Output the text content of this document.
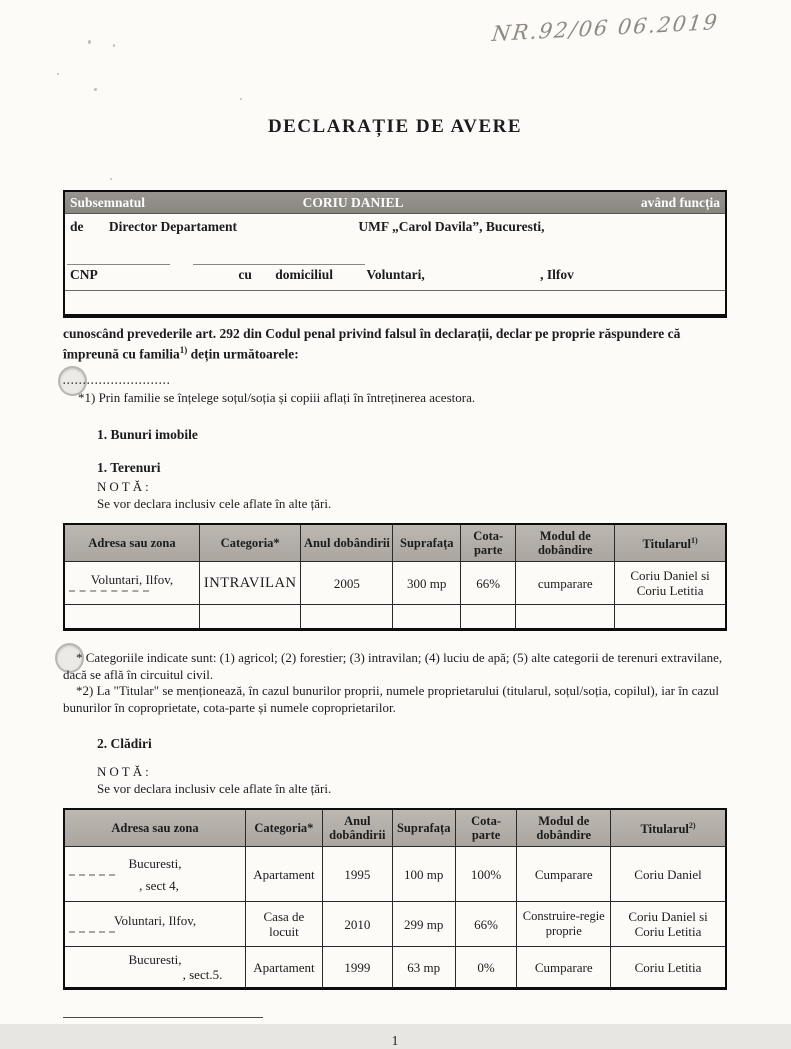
NR.92/06 06.2019
DECLARAȚIE DE AVERE
Subsemnatul	CORIU DANIEL	având funcția
de Director Departament	UMF „Carol Davila”, Bucuresti,
CNP	cu domiciliul Voluntari,	, Ilfov

cunoscând prevederile art. 292 din Codul penal privind falsul în declarații, declar pe proprie răspundere că împreună cu familia$^{1)}$ dețin următoarele:

...........................

*1) Prin familie se înțelege soțul/soția și copiii aflați în întreținerea acestora.

1. Bunuri imobile
1. Terenuri
NOTĂ:
Se vor declara inclusiv cele aflate în alte țări.
Adresa sau zona	Categoria*	Anul dobândirii	Suprafața	Cota-parte	Modul de dobândire	Titularul$^{1)}$

Voluntari, Ilfov,	INTRAVILAN	2005	300 mp	66%	cumparare	Coriu Daniel si Coriu Letitia

* Categoriile indicate sunt: (1) agricol; (2) forestier; (3) intravilan; (4) luciu de apă; (5) alte categorii de terenuri extravilane, dacă se află în circuitul civil.

*2) La "Titular" se menționează, în cazul bunurilor proprii, numele proprietarului (titularul, soțul/soția, copilul), iar în cazul bunurilor în coproprietate, cota-parte și numele coproprietarilor.

2. Clădiri
NOTĂ:
Se vor declara inclusiv cele aflate în alte țări.
Adresa sau zona	Categoria*	Anul dobândirii	Suprafața	Cota-parte	Modul de dobândire	Titularul$^{2)}$

Bucuresti,
, sect 4,	Apartament	1995	100 mp	100%	Cumparare	Coriu Daniel

Voluntari, Ilfov,	Casa de locuit	2010	299 mp	66%	Construire-regie proprie	Coriu Daniel si Coriu Letitia

Bucuresti,
, sect.5.	Apartament	1999	63 mp	0%	Cumparare	Coriu Letitia
1
